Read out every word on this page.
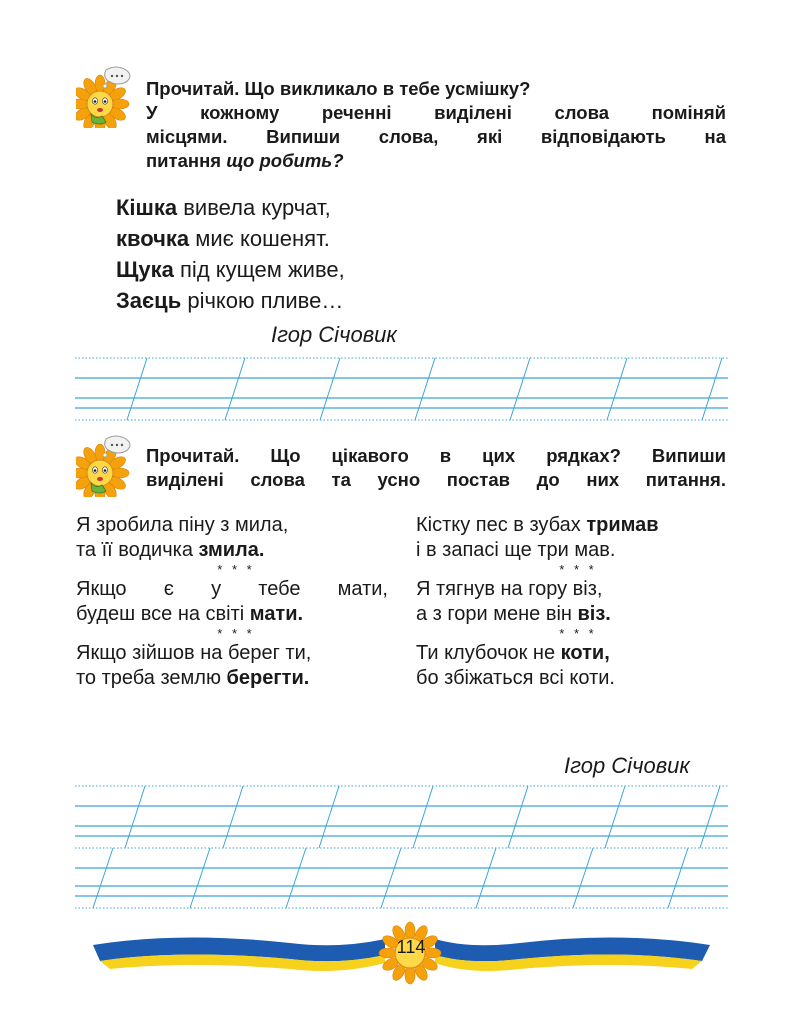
Прочитай. Що викликало в тебе усмішку?
У кожному реченні виділені слова поміняй
місцями. Випиши слова, які відповідають на
питання що робить?
Кішка вивела курчат,
квочка миє кошенят.
Щука під кущем живе,
Заєць річкою пливе…
Ігор Січовик
Прочитай. Що цікавого в цих рядках? Випиши
виділені слова та усно постав до них питання.
Я зробила піну з мила,
та її водичка змила.
* * *
Якщо є у тебе мати,
будеш все на світі мати.
* * *
Якщо зійшов на берег ти,
то треба землю берегти.
Кістку пес в зубах тримав
і в запасі ще три мав.
* * *
Я тягнув на гору віз,
а з гори мене він віз.
* * *
Ти клубочок не коти,
бо збіжаться всі коти.
Ігор Січовик
114
